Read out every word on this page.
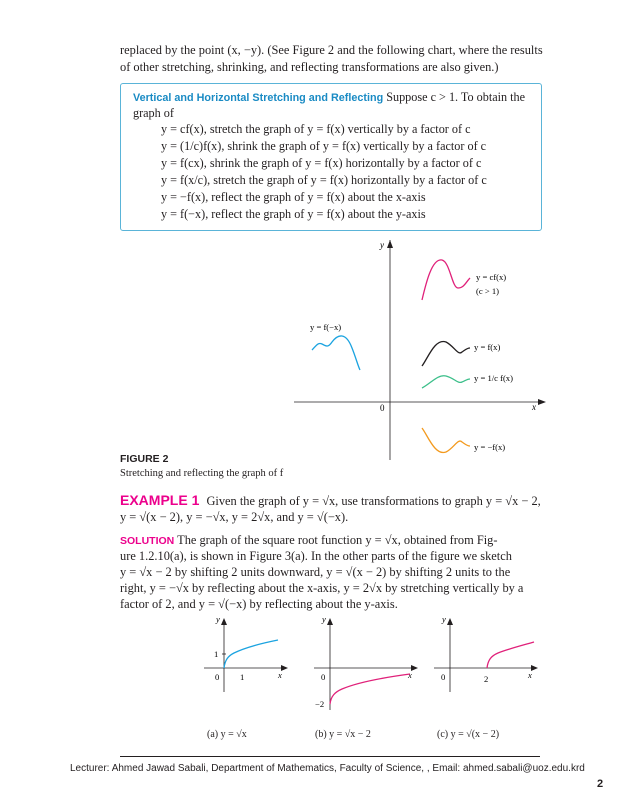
replaced by the point (x, −y). (See Figure 2 and the following chart, where the results of other stretching, shrinking, and reflecting transformations are also given.)
Vertical and Horizontal Stretching and Reflecting Suppose c > 1. To obtain the graph of
y = cf(x), stretch the graph of y = f(x) vertically by a factor of c
y = (1/c)f(x), shrink the graph of y = f(x) vertically by a factor of c
y = f(cx), shrink the graph of y = f(x) horizontally by a factor of c
y = f(x/c), stretch the graph of y = f(x) horizontally by a factor of c
y = −f(x), reflect the graph of y = f(x) about the x-axis
y = f(−x), reflect the graph of y = f(x) about the y-axis
y
x
0
y = cf(x)
(c > 1)
y = f(x)
y = 1/c f(x)
y = −f(x)
y = f(−x)
FIGURE 2
Stretching and reflecting the graph of f
EXAMPLE 1 Given the graph of y = √x, use transformations to graph y = √x − 2,
y = √(x − 2), y = −√x, y = 2√x, and y = √(−x).
SOLUTION The graph of the square root function y = √x, obtained from Fig-
ure 1.2.10(a), is shown in Figure 3(a). In the other parts of the figure we sketch
y = √x − 2 by shifting 2 units downward, y = √(x − 2) by shifting 2 units to the
right, y = −√x by reflecting about the x-axis, y = 2√x by stretching vertically by a
factor of 2, and y = √(−x) by reflecting about the y-axis.
y
x
0
1
1
(a) y = √x
y
x
0
−2
(b) y = √x − 2
y
x
0	2
(c) y = √(x − 2)
Lecturer: Ahmed Jawad Sabali, Department of Mathematics, Faculty of Science, , Email: ahmed.sabali@uoz.edu.krd
2
